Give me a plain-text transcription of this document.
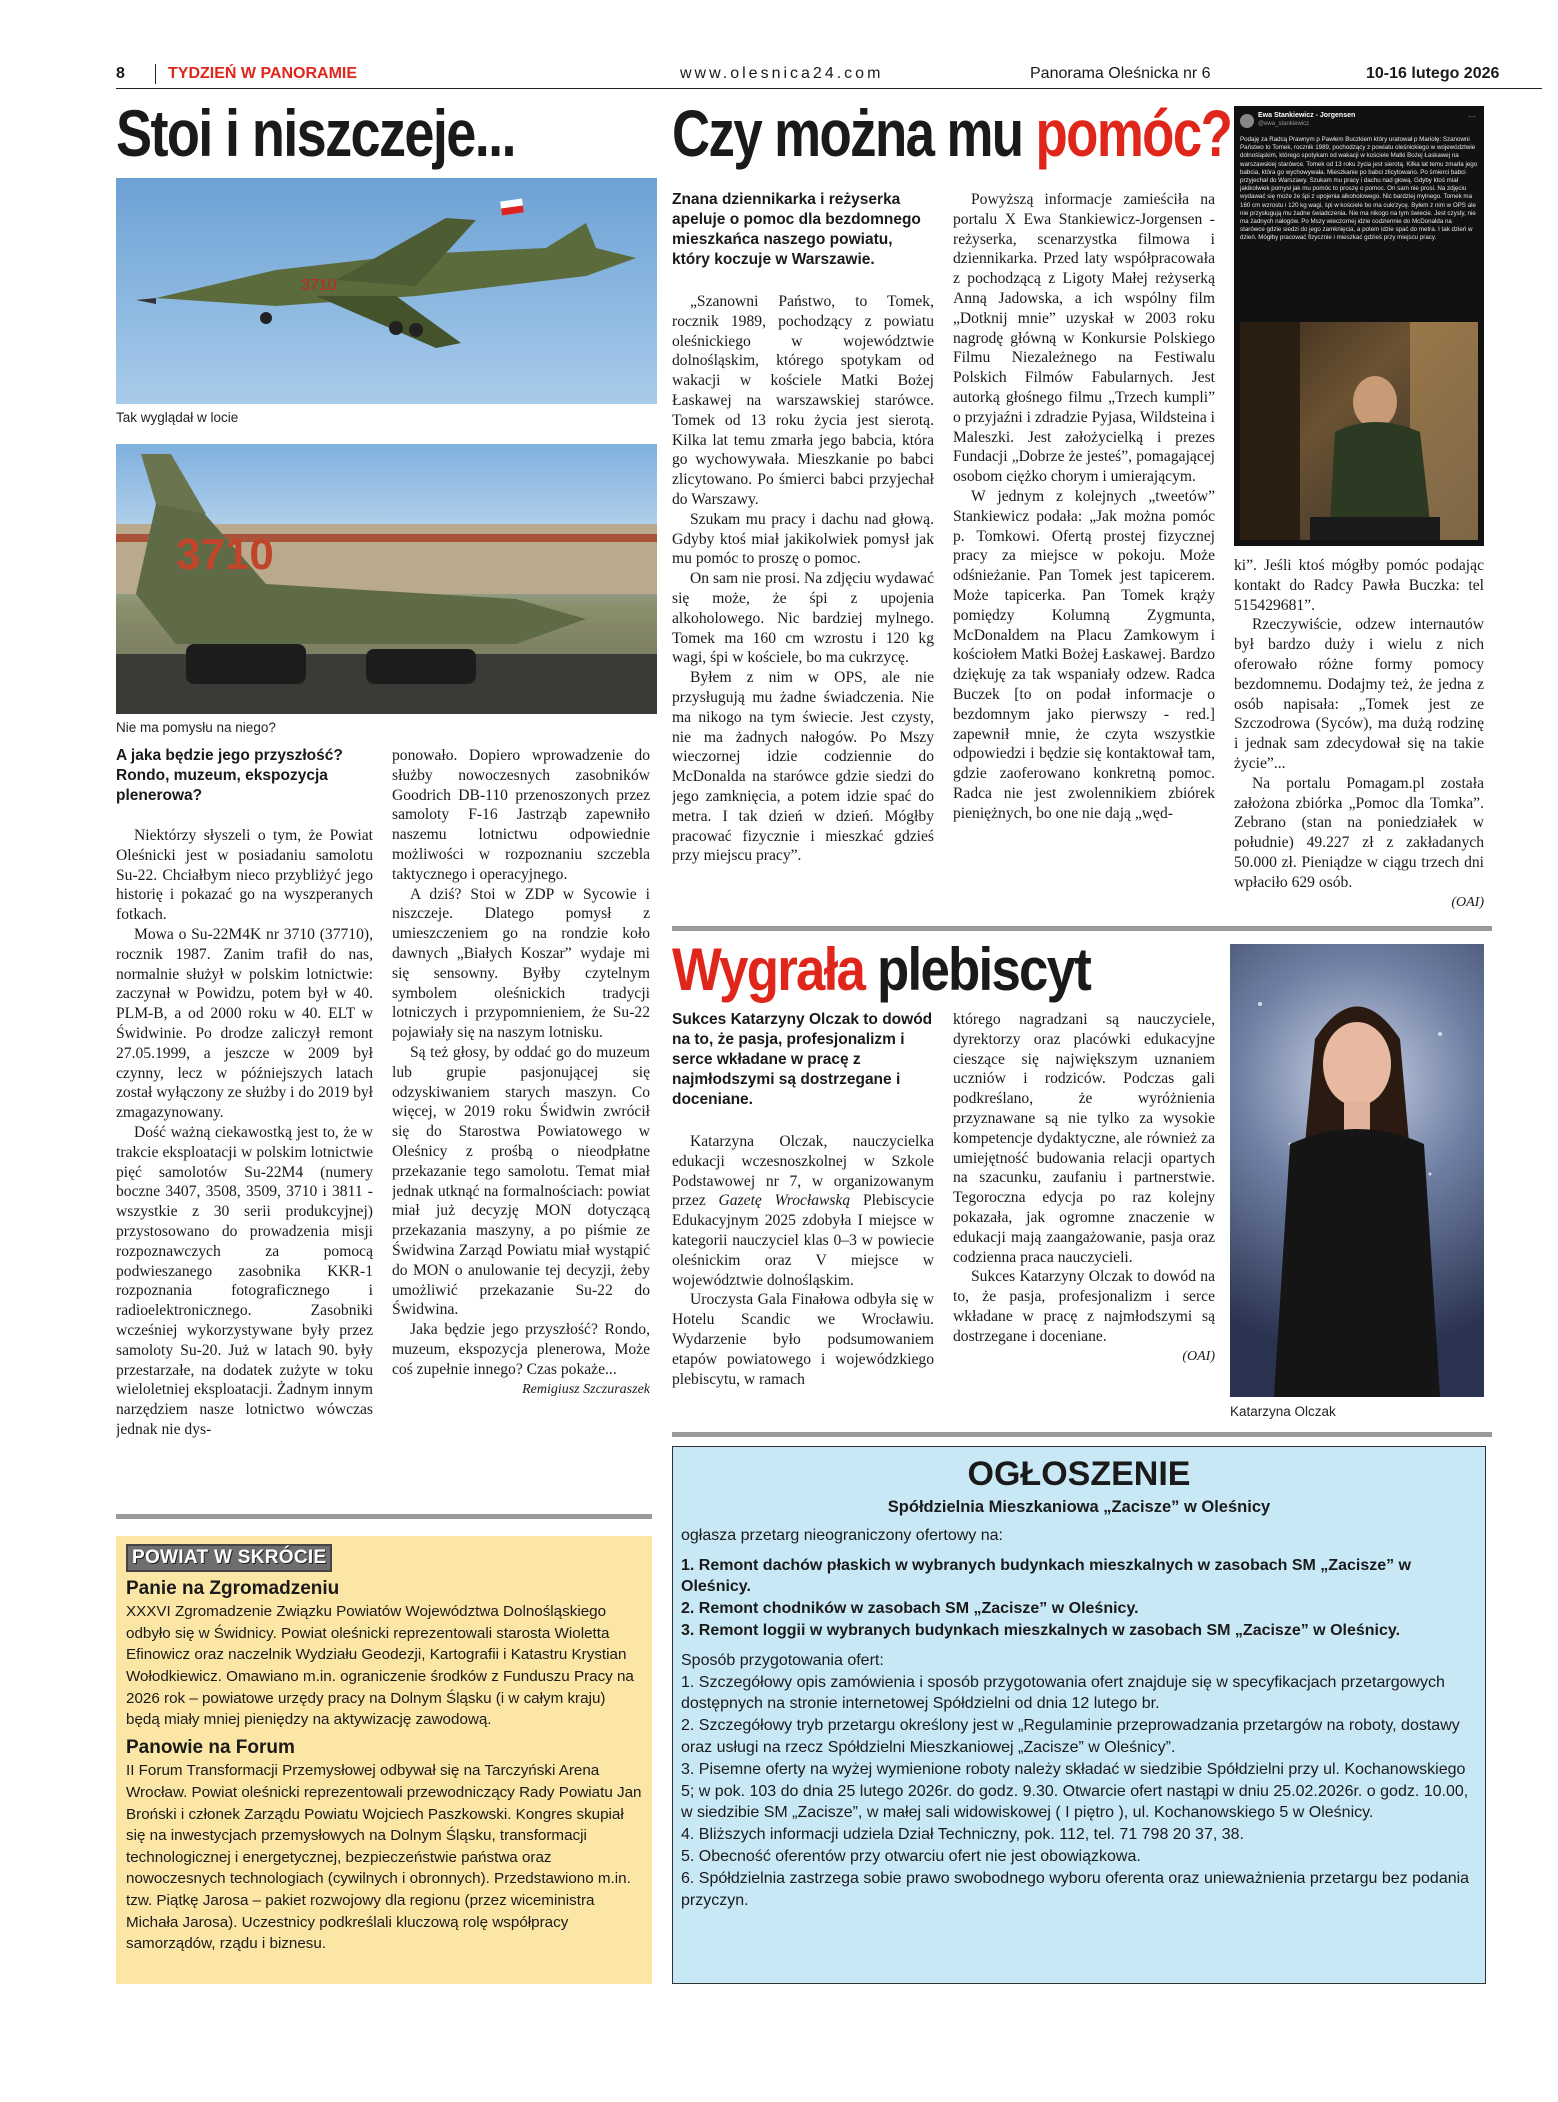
8	TYDZIEŃ W PANORAMIE	www.olesnica24.com	Panorama Oleśnicka nr 6	10-16 lutego 2026
Stoi i niszczeje...
3710
Tak wyglądał w locie
3710
Nie ma pomysłu na niego?

A jaka będzie jego przyszłość? Rondo, muzeum, ekspozycja plenerowa?

Niektórzy słyszeli o tym, że Powiat Oleśnicki jest w posiadaniu samolotu Su-22. Chciałbym nieco przybliżyć jego historię i pokazać go na wyszperanych fotkach.

Mowa o Su-22M4K nr 3710 (37710), rocznik 1987. Zanim trafił do nas, normalnie służył w polskim lotnictwie: zaczynał w Powidzu, potem był w 40. PLM-B, a od 2000 roku w 40. ELT w Świdwinie. Po drodze zaliczył remont 27.05.1999, a jeszcze w 2009 był czynny, lecz w późniejszych latach został wyłączony ze służby i do 2019 był zmagazynowany.

Dość ważną ciekawostką jest to, że w trakcie eksploatacji w polskim lotnictwie pięć samolotów Su-22M4 (numery boczne 3407, 3508, 3509, 3710 i 3811 - wszystkie z 30 serii produkcyjnej) przystosowano do prowadzenia misji rozpoznawczych za pomocą podwieszanego zasobnika KKR-1 rozpoznania fotograficznego i radioelektronicznego. Zasobniki wcześniej wykorzystywane były przez samoloty Su-20. Już w latach 90. były przestarzałe, na dodatek zużyte w toku wieloletniej eksploatacji. Żadnym innym narzędziem nasze lotnictwo wówczas jednak nie dys-

ponowało. Dopiero wprowadzenie do służby nowoczesnych zasobników Goodrich DB-110 przenoszonych przez samoloty F-16 Jastrząb zapewniło naszemu lotnictwu odpowiednie możliwości w rozpoznaniu szczebla taktycznego i operacyjnego.

A dziś? Stoi w ZDP w Sycowie i niszczeje. Dlatego pomysł z umieszczeniem go na rondzie koło dawnych „Białych Koszar” wydaje mi się sensowny. Byłby czytelnym symbolem oleśnickich tradycji lotniczych i przypomnieniem, że Su-22 pojawiały się na naszym lotnisku.

Są też głosy, by oddać go do muzeum lub grupie pasjonującej się odzyskiwaniem starych maszyn. Co więcej, w 2019 roku Świdwin zwrócił się do Starostwa Powiatowego w Oleśnicy z prośbą o nieodpłatne przekazanie tego samolotu. Temat miał jednak utknąć na formalnościach: powiat miał już decyzję MON dotyczącą przekazania maszyny, a po piśmie ze Świdwina Zarząd Powiatu miał wystąpić do MON o anulowanie tej decyzji, żeby umożliwić przekazanie Su-22 do Świdwina.

Jaka będzie jego przyszłość? Rondo, muzeum, ekspozycja plenerowa, Może coś zupełnie innego? Czas pokaże...

Remigiusz Szczuraszek

Czy można mu pomóc?

Znana dziennikarka i reżyserka apeluje o pomoc dla bezdomnego mieszkańca naszego powiatu, który koczuje w Warszawie.

„Szanowni Państwo, to Tomek, rocznik 1989, pochodzący z powiatu oleśnickiego w województwie dolnośląskim, którego spotykam od wakacji w kościele Matki Bożej Łaskawej na warszawskiej starówce. Tomek od 13 roku życia jest sierotą. Kilka lat temu zmarła jego babcia, która go wychowywała. Mieszkanie po babci zlicytowano. Po śmierci babci przyjechał do Warszawy.

Szukam mu pracy i dachu nad głową. Gdyby ktoś miał jakikolwiek pomysł jak mu pomóc to proszę o pomoc.

On sam nie prosi. Na zdjęciu wydawać się może, że śpi z upojenia alkoholowego. Nic bardziej mylnego. Tomek ma 160 cm wzrostu i 120 kg wagi, śpi w kościele, bo ma cukrzycę.

Byłem z nim w OPS, ale nie przysługują mu żadne świadczenia. Nie ma nikogo na tym świecie. Jest czysty, nie ma żadnych nałogów. Po Mszy wieczornej idzie codziennie do McDonalda na starówce gdzie siedzi do jego zamknięcia, a potem idzie spać do metra. I tak dzień w dzień. Mógłby pracować fizycznie i mieszkać gdzieś przy miejscu pracy”.

Powyższą informacje zamieściła na portalu X Ewa Stankiewicz-Jorgensen - reżyserka, scenarzystka filmowa i dziennikarka. Przed laty współpracowała z pochodzącą z Ligoty Małej reżyserką Anną Jadowska, a ich wspólny film „Dotknij mnie” uzyskał w 2003 roku nagrodę główną w Konkursie Polskiego Filmu Niezależnego na Festiwalu Polskich Filmów Fabularnych. Jest autorką głośnego filmu „Trzech kumpli” o przyjaźni i zdradzie Pyjasa, Wildsteina i Maleszki. Jest założycielką i prezes Fundacji „Dobrze że jesteś”, pomagającej osobom ciężko chorym i umierającym.

W jednym z kolejnych „tweetów” Stankiewicz podała: „Jak można pomóc p. Tomkowi. Ofertą prostej fizycznej pracy za miejsce w pokoju. Może odśnieżanie. Pan Tomek jest tapicerem. Może tapicerka. Pan Tomek krąży pomiędzy Kolumną Zygmunta, McDonaldem na Placu Zamkowym i kościołem Matki Bożej Łaskawej. Bardzo dziękuję za tak wspaniały odzew. Radca Buczek [to on podał informacje o bezdomnym jako pierwszy - red.] zapewnił mnie, że czyta wszystkie odpowiedzi i będzie się kontaktował tam, gdzie zaoferowano konkretną pomoc. Radca nie jest zwolennikiem zbiórek pieniężnych, bo one nie dają „węd-

Ewa Stankiewicz - Jorgensen
@ewa_stankiewicz
⋯
Podaję za Radcą Prawnym p Pawłem Buczkiem który uratował p Mariolę: Szanowni Państwo to Tomek, rocznik 1989, pochodzący z powiatu oleśnickiego w województwie dolnośląskim, którego spotykam od wakacji w kościele Matki Bożej Łaskawej na warszawskiej starówce. Tomek od 13 roku życia jest sierotą. Kilka lat temu zmarła jego babcia, która go wychowywała. Mieszkanie po babci zlicytowano. Po śmierci babci przyjechał do Warszawy. Szukam mu pracy i dachu nad głową. Gdyby ktoś miał jakikolwiek pomysł jak mu pomóc to proszę o pomoc. On sam nie prosi. Na zdjęciu wydawać się może że śpi z upojenia alkoholowego. Nic bardziej mylnego. Tomek ma 160 cm wzrostu i 120 kg wagi, śpi w kościele bo ma cukrzycę. Byłem z nim w OPS ale nie przysługują mu żadne świadczenia. Nie ma nikogo na tym świecie. Jest czysty, nie ma żadnych nałogów. Po Mszy wieczornej idzie codziennie do McDonalda na starówce gdzie siedzi do jego zamknięcia, a potem idzie spać do metra. I tak dzień w dzień. Mógłby pracować fizycznie i mieszkać gdzieś przy miejscu pracy.

ki”. Jeśli ktoś mógłby pomóc podając kontakt do Radcy Pawła Buczka: tel 515429681”.

Rzeczywiście, odzew internautów był bardzo duży i wielu z nich oferowało różne formy pomocy bezdomnemu. Dodajmy też, że jedna z osób napisała: „Tomek jest ze Szczodrowa (Syców), ma dużą rodzinę i jednak sam zdecydował się na takie życie”...

Na portalu Pomagam.pl została założona zbiórka „Pomoc dla Tomka”. Zebrano (stan na poniedziałek w południe) 49.227 zł z zakładanych 50.000 zł. Pieniądze w ciągu trzech dni wpłaciło 629 osób.

(OAI)

Wygrała plebiscyt

Sukces Katarzyny Olczak to dowód na to, że pasja, profesjonalizm i serce wkładane w pracę z najmłodszymi są dostrzegane i doceniane.

Katarzyna Olczak, nauczycielka edukacji wczesnoszkolnej w Szkole Podstawowej nr 7, w organizowanym przez Gazetę Wrocławską Plebiscycie Edukacyjnym 2025 zdobyła I miejsce w kategorii nauczyciel klas 0–3 w powiecie oleśnickim oraz V miejsce w województwie dolnośląskim.

Uroczysta Gala Finałowa odbyła się w Hotelu Scandic we Wrocławiu. Wydarzenie było podsumowaniem etapów powiatowego i wojewódzkiego plebiscytu, w ramach

którego nagradzani są nauczyciele, dyrektorzy oraz placówki edukacyjne cieszące się największym uznaniem uczniów i rodziców. Podczas gali podkreślano, że wyróżnienia przyznawane są nie tylko za wysokie kompetencje dydaktyczne, ale również za umiejętność budowania relacji opartych na szacunku, zaufaniu i partnerstwie. Tegoroczna edycja po raz kolejny pokazała, jak ogromne znaczenie w edukacji mają zaangażowanie, pasja oraz codzienna praca nauczycieli.

Sukces Katarzyny Olczak to dowód na to, że pasja, profesjonalizm i serce wkładane w pracę z najmłodszymi są dostrzegane i doceniane.

(OAI)

Katarzyna Olczak
POWIAT W SKRÓCIE
Panie na Zgromadzeniu

XXXVI Zgromadzenie Związku Powiatów Województwa Dolnośląskiego odbyło się w Świdnicy. Powiat oleśnicki reprezentowali starosta Wioletta Efinowicz oraz naczelnik Wydziału Geodezji, Kartografii i Katastru Krystian Wołodkiewicz. Omawiano m.in. ograniczenie środków z Funduszu Pracy na 2026 rok – powiatowe urzędy pracy na Dolnym Śląsku (i w całym kraju) będą miały mniej pieniędzy na aktywizację zawodową.

Panowie na Forum

II Forum Transformacji Przemysłowej odbywał się na Tarczyński Arena Wrocław. Powiat oleśnicki reprezentowali przewodniczący Rady Powiatu Jan Broński i członek Zarządu Powiatu Wojciech Paszkowski. Kongres skupiał się na inwestycjach przemysłowych na Dolnym Śląsku, transformacji technologicznej i energetycznej, bezpieczeństwie państwa oraz nowoczesnych technologiach (cywilnych i obronnych). Przedstawiono m.in. tzw. Piątkę Jarosa – pakiet rozwojowy dla regionu (przez wiceministra Michała Jarosa). Uczestnicy podkreślali kluczową rolę współpracy samorządów, rządu i biznesu.

OGŁOSZENIE
Spółdzielnia Mieszkaniowa „Zacisze” w Oleśnicy

ogłasza przetarg nieograniczony ofertowy na:

1. Remont dachów płaskich w wybranych budynkach mieszkalnych w zasobach SM „Zacisze” w Oleśnicy.

2. Remont chodników w zasobach SM „Zacisze” w Oleśnicy.

3. Remont loggii w wybranych budynkach mieszkalnych w zasobach SM „Zacisze” w Oleśnicy.

Sposób przygotowania ofert:

1. Szczegółowy opis zamówienia i sposób przygotowania ofert znajduje się w specyfikacjach przetargowych dostępnych na stronie internetowej Spółdzielni od dnia 12 lutego br.

2. Szczegółowy tryb przetargu określony jest w „Regulaminie przeprowadzania przetargów na roboty, dostawy oraz usługi na rzecz Spółdzielni Mieszkaniowej „Zacisze” w Oleśnicy”.

3. Pisemne oferty na wyżej wymienione roboty należy składać w siedzibie Spółdzielni przy ul. Kochanowskiego 5; w pok. 103 do dnia 25 lutego 2026r. do godz. 9.30. Otwarcie ofert nastąpi w dniu 25.02.2026r. o godz. 10.00, w siedzibie SM „Zacisze”, w małej sali widowiskowej ( I piętro ), ul. Kochanowskiego 5 w Oleśnicy.

4. Bliższych informacji udziela Dział Techniczny, pok. 112, tel. 71 798 20 37, 38.

5. Obecność oferentów przy otwarciu ofert nie jest obowiązkowa.

6. Spółdzielnia zastrzega sobie prawo swobodnego wyboru oferenta oraz unieważnienia przetargu bez podania przyczyn.
